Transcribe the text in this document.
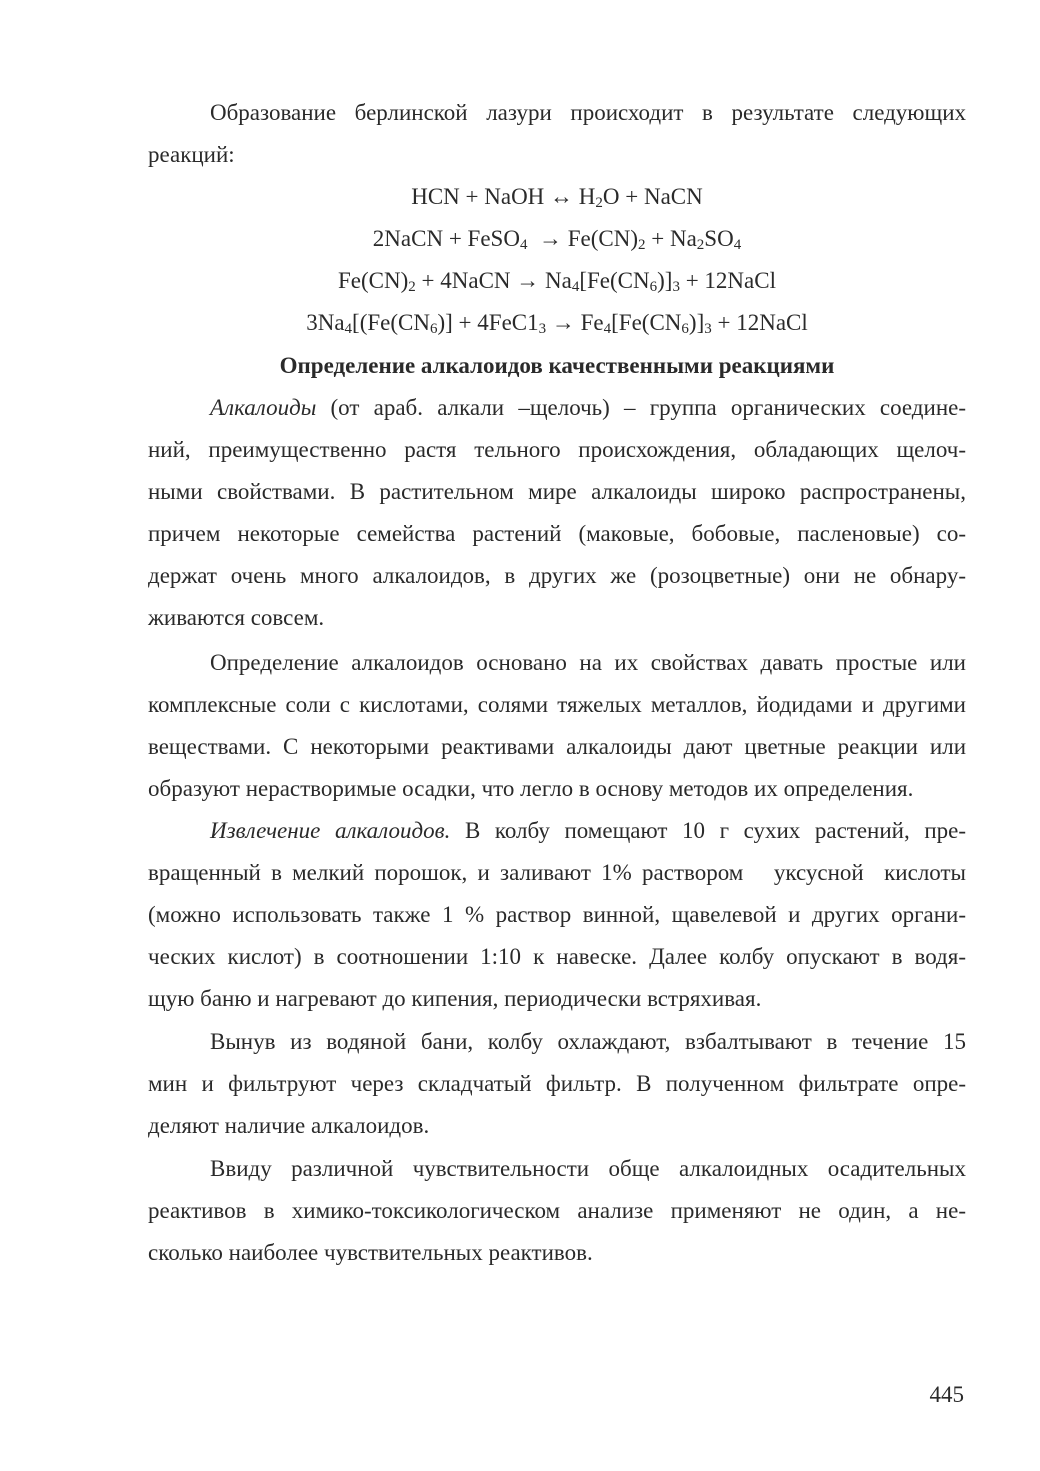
Образование берлинской лазури происходит в результате следующих
реакций:
HCN + NaOH ↔ $H_2O$ + NaCN
2NaCN + FeSO$_4$  → $Fe(CN)_2 + Na_2SO_4$
$Fe(CN)_2$ + 4NaCN → $Na_4[Fe(CN_6)]_3$ + 12NaCl
$3Na_4[(Fe(CN_6)] + 4FeC1_3 \to Fe_4[Fe(CN_6)]_3$ + 12NaCl
Определение алкалоидов качественными реакциями
Алкалоиды (от араб. алкали –щелочь) – группа органических соедине-
ний, преимущественно растя тельного происхождения, обладающих щелоч-
ными свойствами. В растительном мире алкалоиды широко распространены,
причем некоторые семейства растений (маковые, бобовые, пасленовые) со-
держат очень много алкалоидов, в других же (розоцветные) они не обнару-
живаются совсем.
Определение алкалоидов основано на их свойствах давать простые или
комплексные соли с кислотами, солями тяжелых металлов, йодидами и другими
веществами. С некоторыми реактивами алкалоиды дают цветные реакции или
образуют нерастворимые осадки, что легло в основу методов их определения.
Извлечение алкалоидов. В колбу помещают 10 г сухих растений, пре-
вращенный в мелкий порошок, и заливают 1% раствором   уксусной  кислоты
(можно использовать также 1 % раствор винной, щавелевой и других органи-
ческих кислот) в соотношении 1:10 к навеске. Далее колбу опускают в водя-
щую баню и нагревают до кипения, периодически встряхивая.
Вынув из водяной бани, колбу охлаждают, взбалтывают в течение 15
мин и фильтруют через складчатый фильтр. В полученном фильтрате опре-
деляют наличие алкалоидов.
Ввиду различной чувствительности обще алкалоидных осадительных
реактивов в химико-токсикологическом анализе применяют не один, а не-
сколько наиболее чувствительных реактивов.
445
